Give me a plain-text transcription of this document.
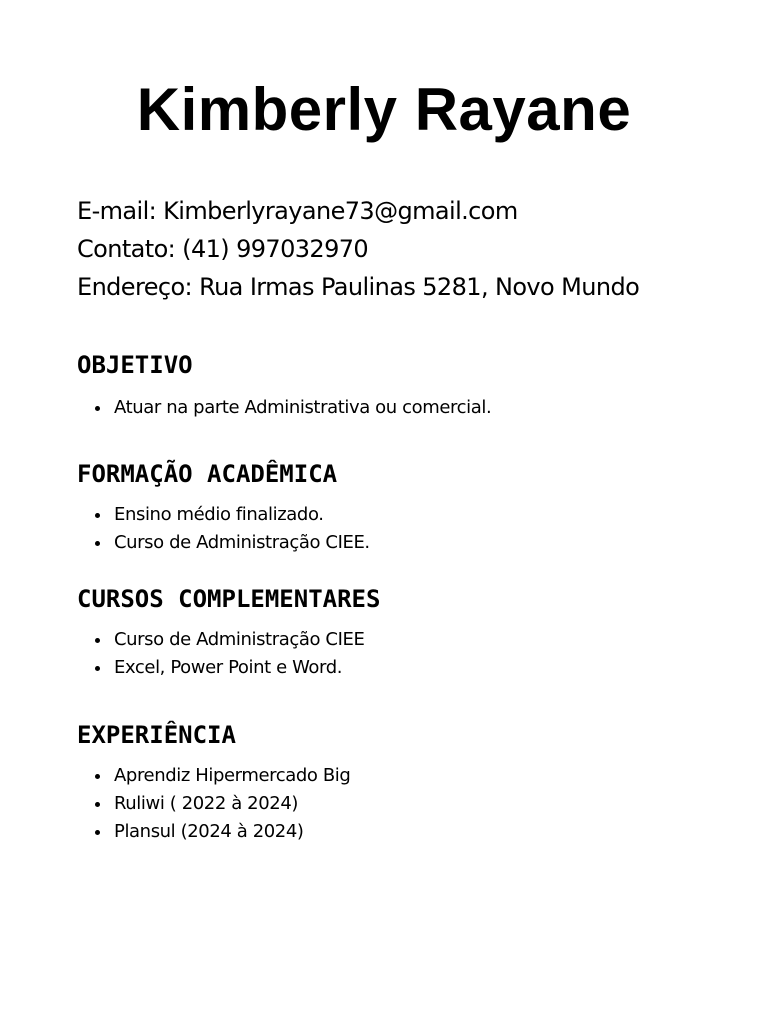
Kimberly Rayane
E-mail: Kimberlyrayane73@gmail.com
Contato: (41) 997032970
Endereço: Rua Irmas Paulinas 5281, Novo Mundo
OBJETIVO
Atuar na parte Administrativa ou comercial.
FORMAÇÃO ACADÊMICA
Ensino médio finalizado.
Curso de Administração CIEE.
CURSOS COMPLEMENTARES
Curso de Administração CIEE
Excel, Power Point e Word.
EXPERIÊNCIA
Aprendiz Hipermercado Big
Ruliwi ( 2022 à 2024)
Plansul (2024 à 2024)
